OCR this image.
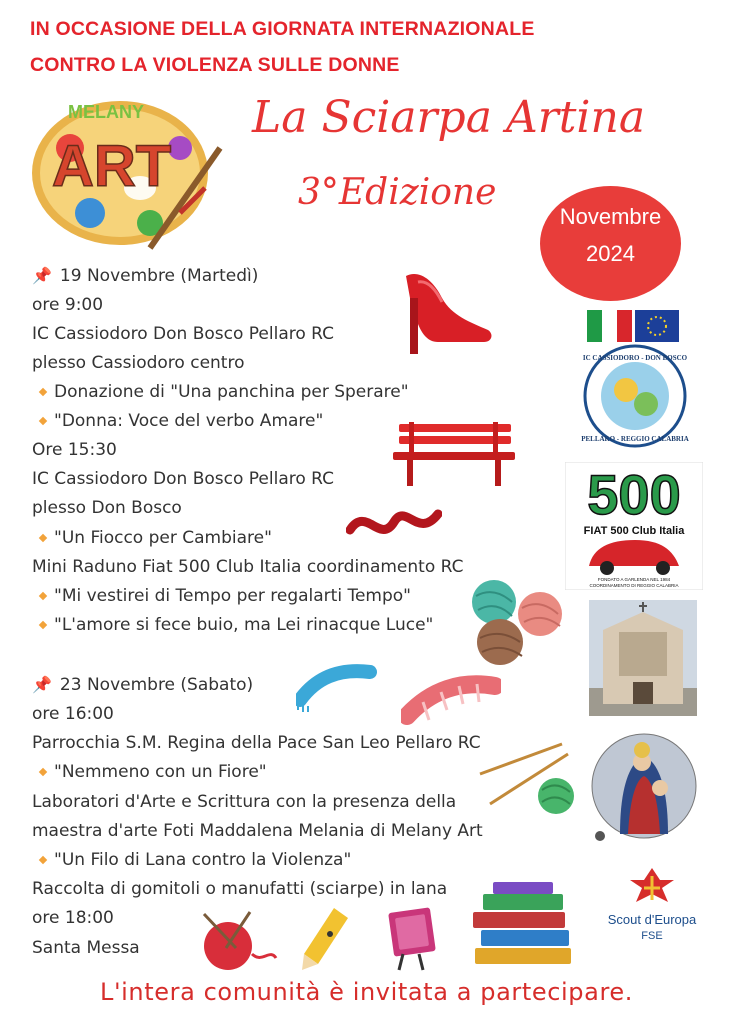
IN OCCASIONE DELLA GIORNATA INTERNAZIONALE
CONTRO LA VIOLENZA SULLE DONNE
MELANY
ART
La Sciarpa Artina
3°Edizione
Novembre
2024
📌 19 Novembre (Martedì)
ore 9:00
IC Cassiodoro Don Bosco Pellaro RC
plesso Cassiodoro centro
Donazione di "Una panchina per Sperare"
"Donna: Voce del verbo Amare"
Ore 15:30
IC Cassiodoro Don Bosco Pellaro RC
plesso Don Bosco
"Un Fiocco per Cambiare"
Mini Raduno Fiat 500 Club Italia coordinamento RC
"Mi vestirei di Tempo per regalarti Tempo"
"L'amore si fece buio, ma Lei rinacque Luce"
📌 23 Novembre (Sabato)
ore 16:00
Parrocchia S.M. Regina della Pace San Leo Pellaro RC
"Nemmeno con un Fiore"
Laboratori d'Arte e Scrittura con la presenza della
maestra d'arte Foti Maddalena Melania di Melany Art
"Un Filo di Lana contro la Violenza"
Raccolta di gomitoli o manufatti (sciarpe) in lana
ore 18:00
Santa Messa
IC CASSIODORO - DON BOSCO
PELLARO - REGGIO CALABRIA
500
FIAT 500 Club Italia
FONDATO A GARLENDA NEL 1984
COORDINAMENTO DI REGGIO CALABRIA
Scout d'Europa
FSE
L'intera comunità è invitata a partecipare.
